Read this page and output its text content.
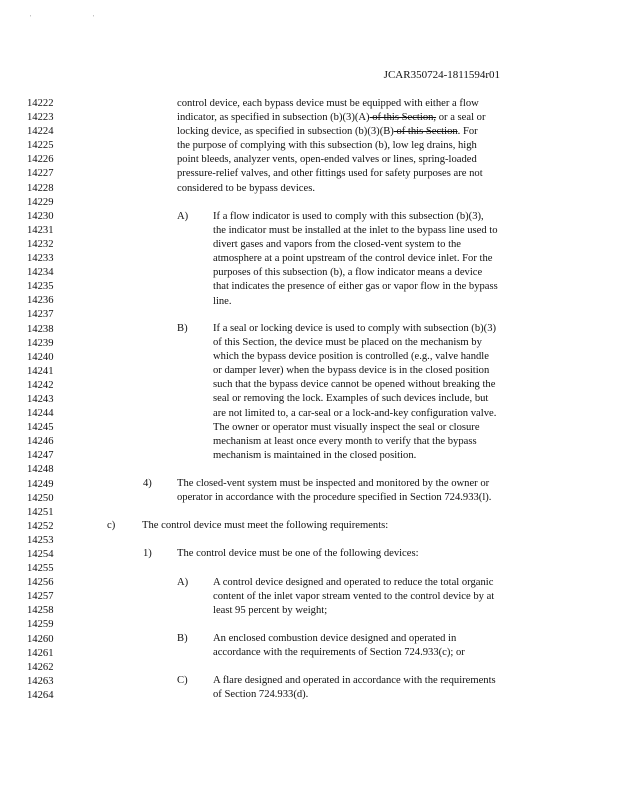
' '
JCAR350724-1811594r01
14222
14223
14224
14225
14226
14227
14228
14229
14230
14231
14232
14233
14234
14235
14236
14237
14238
14239
14240
14241
14242
14243
14244
14245
14246
14247
14248
14249
14250
14251
14252
14253
14254
14255
14256
14257
14258
14259
14260
14261
14262
14263
14264
control device, each bypass device must be equipped with either a flow
indicator, as specified in subsection (b)(3)(A) of this Section, or a seal or
locking device, as specified in subsection (b)(3)(B) of this Section. For
the purpose of complying with this subsection (b), low leg drains, high
point bleeds, analyzer vents, open-ended valves or lines, spring-loaded
pressure-relief valves, and other fittings used for safety purposes are not
considered to be bypass devices.
A) If a flow indicator is used to comply with this subsection (b)(3),
the indicator must be installed at the inlet to the bypass line used to
divert gases and vapors from the closed-vent system to the
atmosphere at a point upstream of the control device inlet. For the
purposes of this subsection (b), a flow indicator means a device
that indicates the presence of either gas or vapor flow in the bypass
line.
B) If a seal or locking device is used to comply with subsection (b)(3)
of this Section, the device must be placed on the mechanism by
which the bypass device position is controlled (e.g., valve handle
or damper lever) when the bypass device is in the closed position
such that the bypass device cannot be opened without breaking the
seal or removing the lock. Examples of such devices include, but
are not limited to, a car-seal or a lock-and-key configuration valve.
The owner or operator must visually inspect the seal or closure
mechanism at least once every month to verify that the bypass
mechanism is maintained in the closed position.
4) The closed-vent system must be inspected and monitored by the owner or
operator in accordance with the procedure specified in Section 724.933(l).
c)	The control device must meet the following requirements:
1) The control device must be one of the following devices:
A) A control device designed and operated to reduce the total organic
content of the inlet vapor stream vented to the control device by at
least 95 percent by weight;
B) An enclosed combustion device designed and operated in
accordance with the requirements of Section 724.933(c); or
C) A flare designed and operated in accordance with the requirements
of Section 724.933(d).
